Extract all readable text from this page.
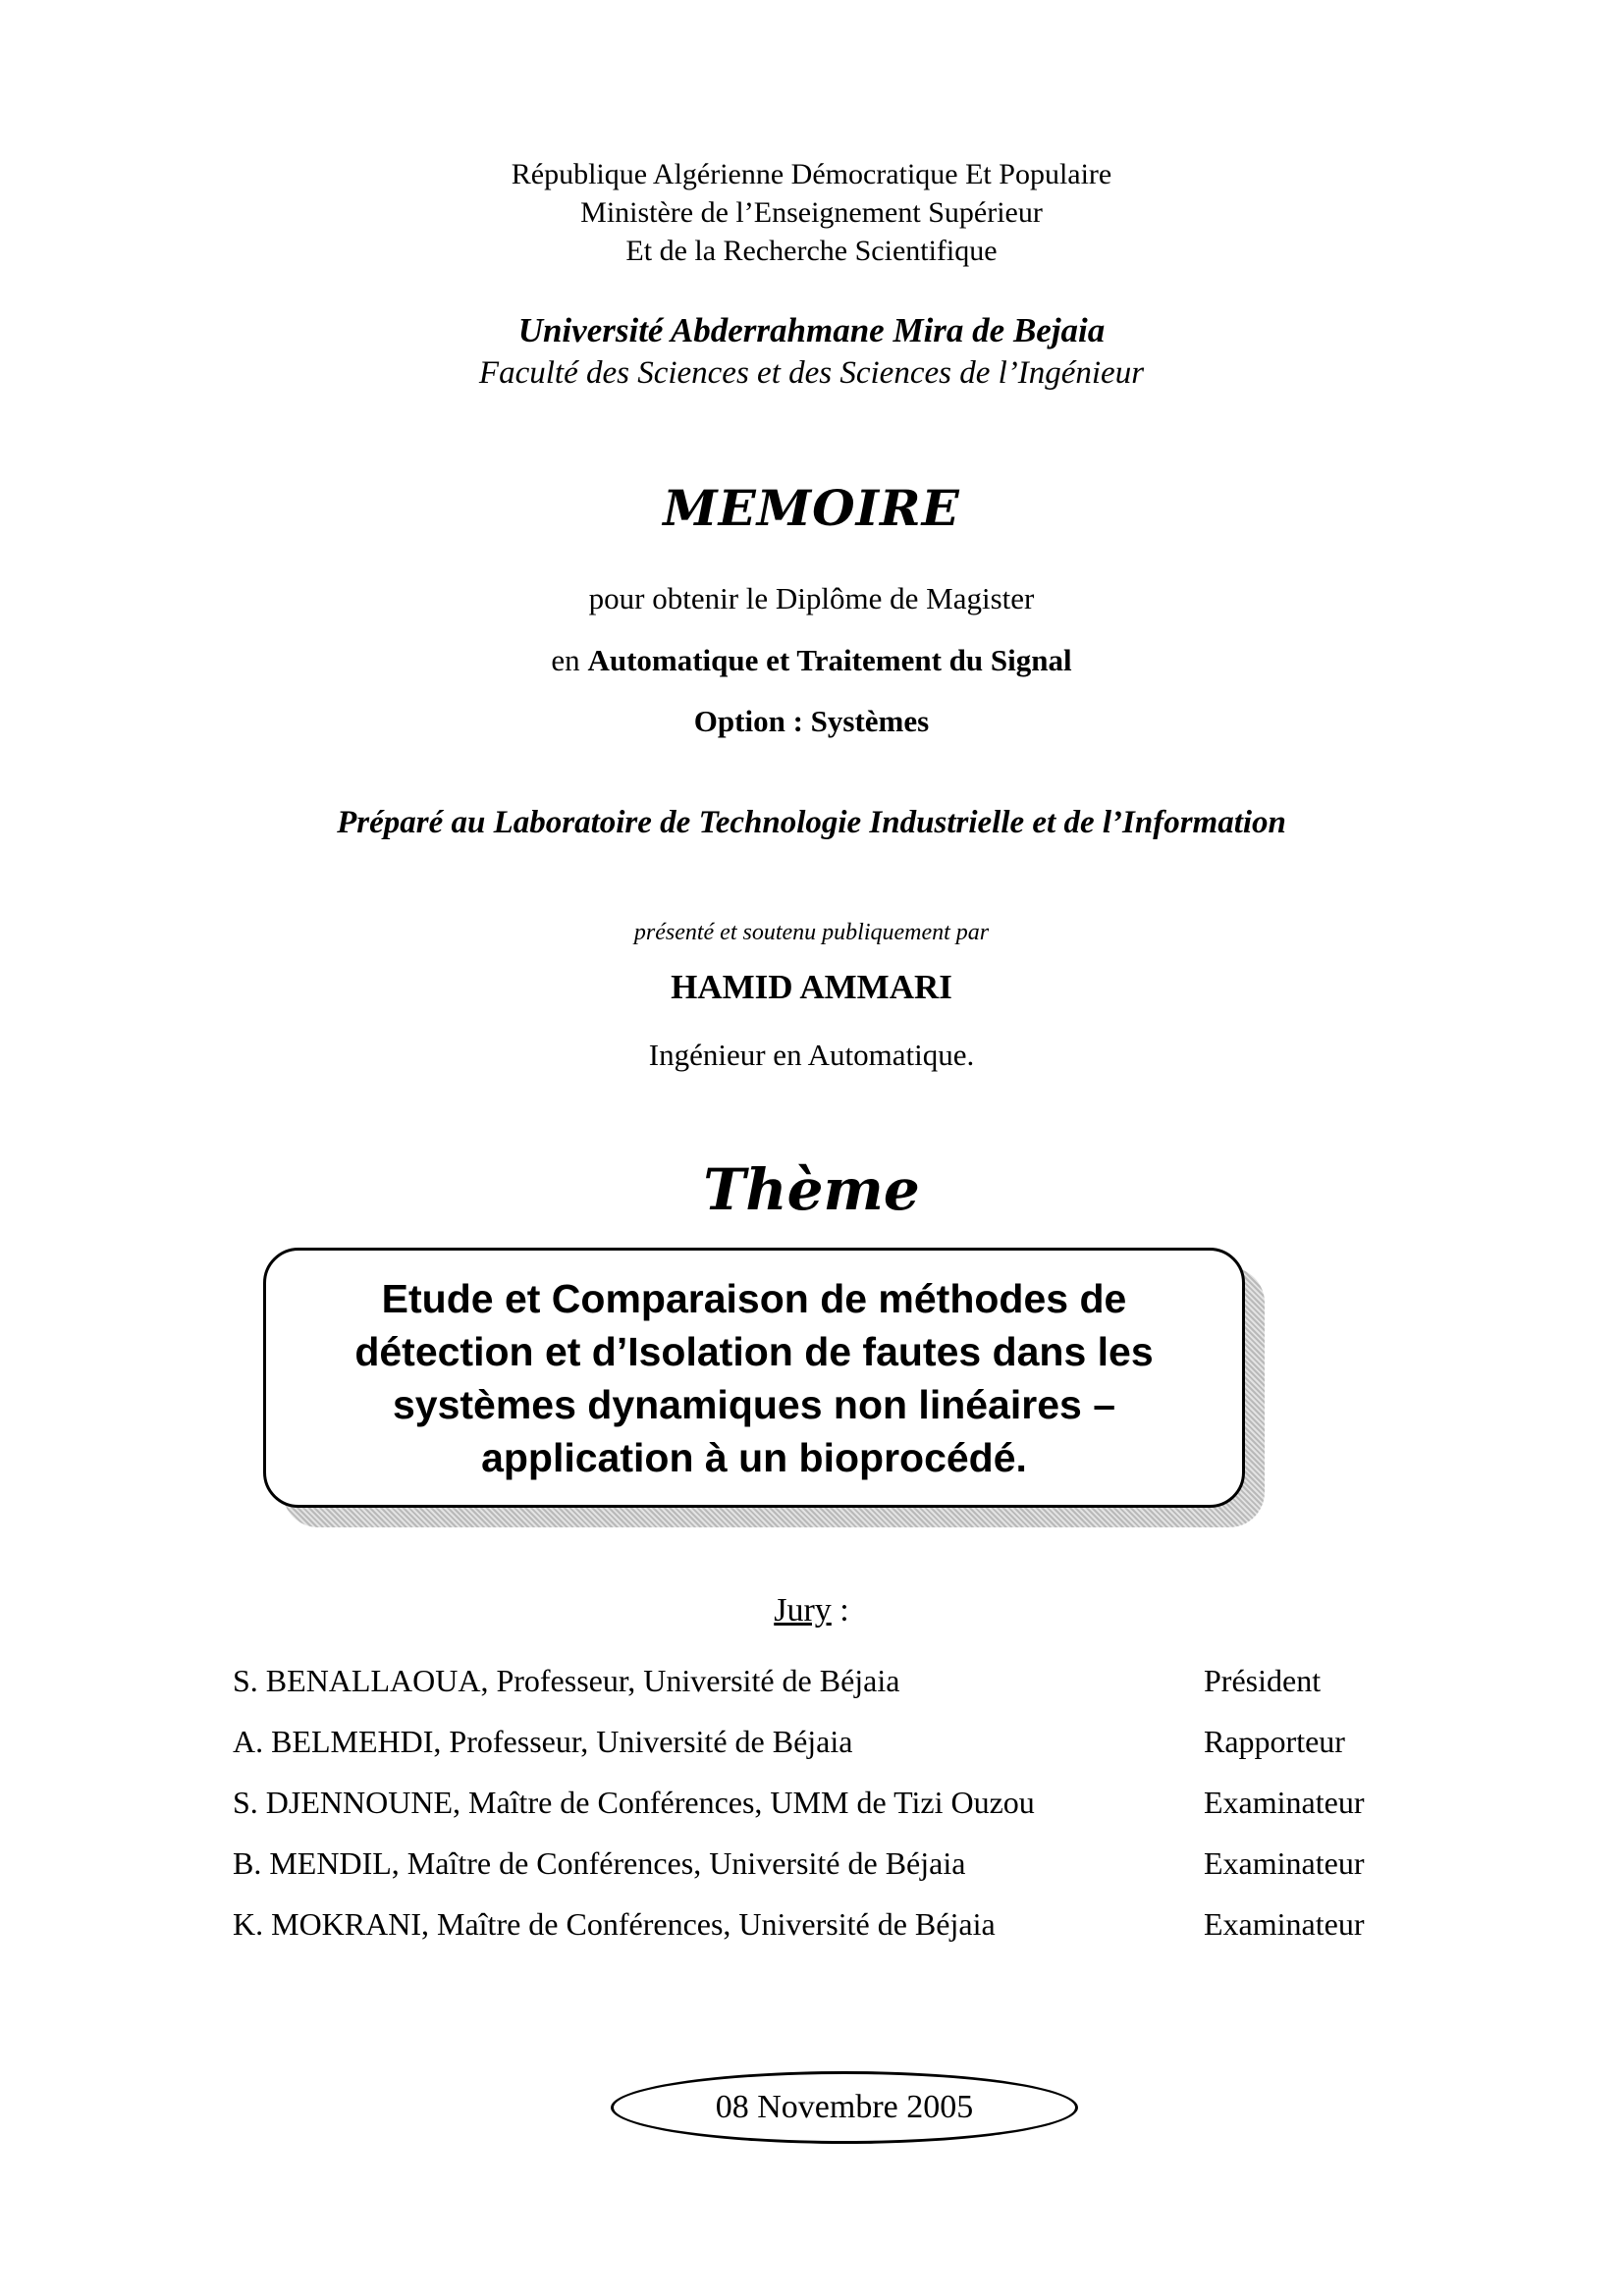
République Algérienne Démocratique Et Populaire
Ministère de l’Enseignement Supérieur
Et de la Recherche Scientifique
Université Abderrahmane Mira de Bejaia
Faculté des Sciences et des Sciences de l’Ingénieur
MEMOIRE
pour obtenir le Diplôme de Magister
en Automatique et Traitement du Signal
Option : Systèmes
Préparé au Laboratoire de Technologie Industrielle et de l’Information
présenté et soutenu publiquement par
HAMID AMMARI
Ingénieur en Automatique.
Thème
Etude et Comparaison de méthodes de détection et d’Isolation de fautes dans les systèmes dynamiques non linéaires – application à un bioprocédé.
Jury :
S. BENALLAOUA, Professeur, Université de Béjaia	Président
A. BELMEHDI, Professeur, Université de Béjaia	Rapporteur
S. DJENNOUNE, Maître de Conférences, UMM de Tizi Ouzou	Examinateur
B. MENDIL, Maître de Conférences, Université de Béjaia	Examinateur
K. MOKRANI, Maître de Conférences, Université de Béjaia	Examinateur
08 Novembre 2005
